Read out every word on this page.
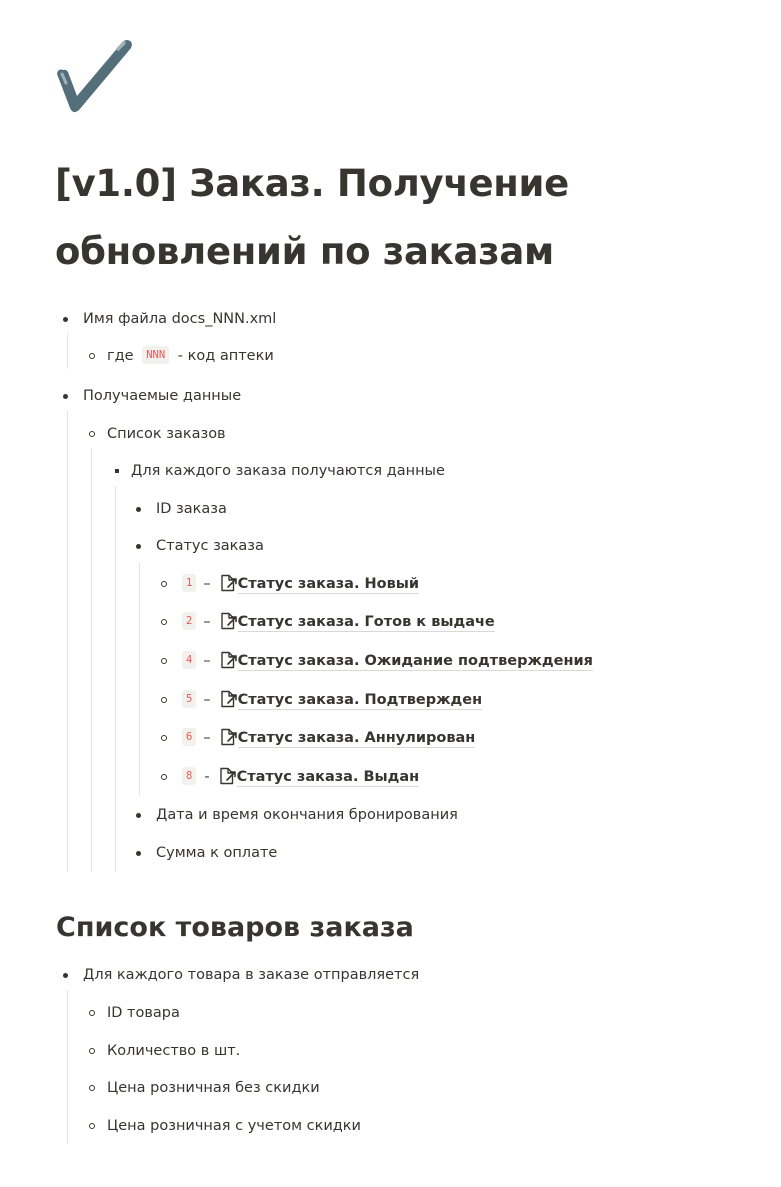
[v1.0] Заказ. Получение обновлений по заказам
Имя файла docs_NNN.xml
где NNN - код аптеки
Получаемые данные
Список заказов
Для каждого заказа получаются данные
ID заказа
Статус заказа
1 – Статус заказа. Новый
2 – Статус заказа. Готов к выдаче
4 – Статус заказа. Ожидание подтверждения
5 – Статус заказа. Подтвержден
6 – Статус заказа. Аннулирован
8 - Статус заказа. Выдан
Дата и время окончания бронирования
Сумма к оплате
Список товаров заказа
Для каждого товара в заказе отправляется
ID товара
Количество в шт.
Цена розничная без скидки
Цена розничная с учетом скидки
